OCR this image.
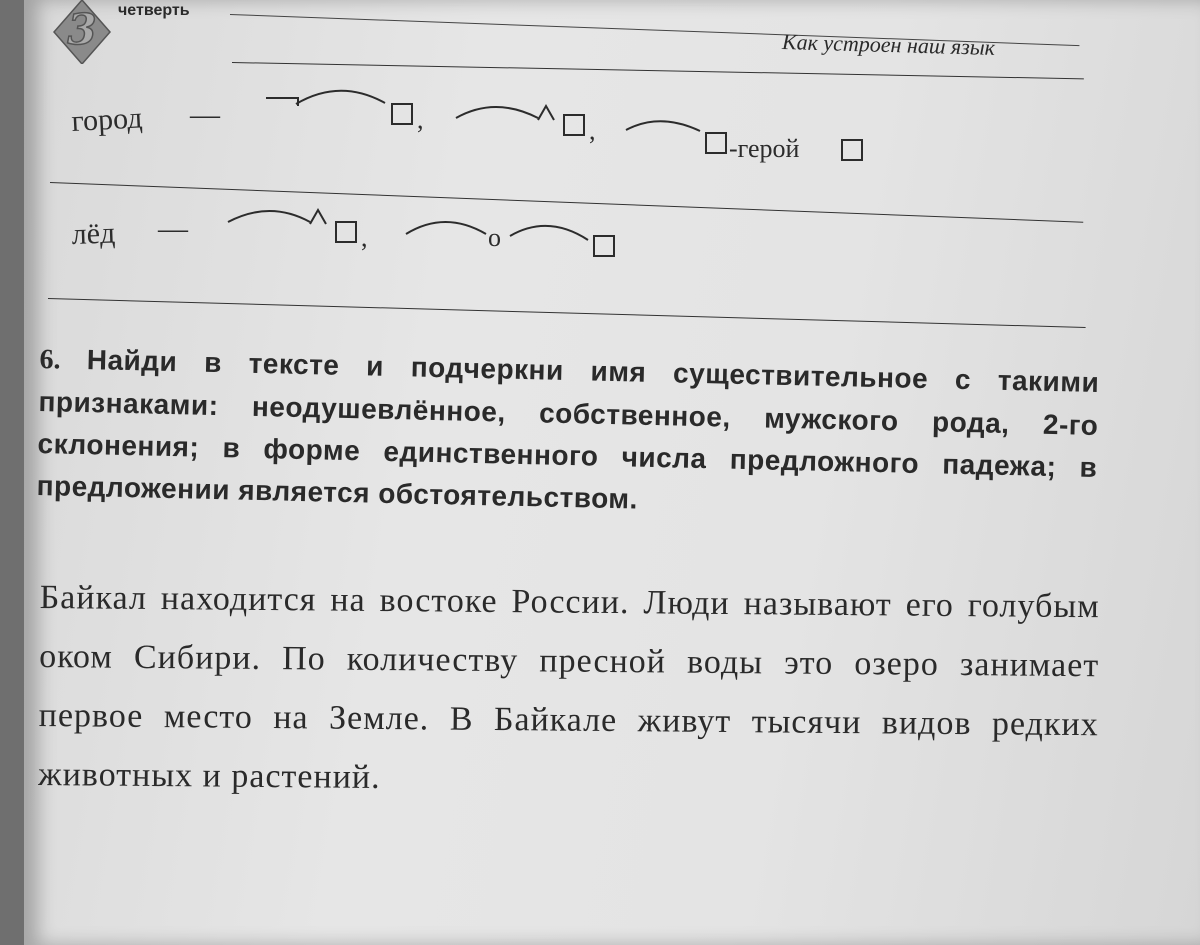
3	четверть
Как устроен наш язык
город —	,	,
-герой
лёд —	,	о
6. Найди в тексте и подчеркни имя существительное с такими признаками: неодушевлённое, собственное, мужского рода, 2-го склонения; в форме единственного числа предложного падежа; в предложении является обстоятельством.
Байкал находится на востоке России. Люди называют его голубым оком Сибири. По количеству пресной воды это озеро занимает первое место на Земле. В Байкале живут тысячи видов редких животных и растений.
